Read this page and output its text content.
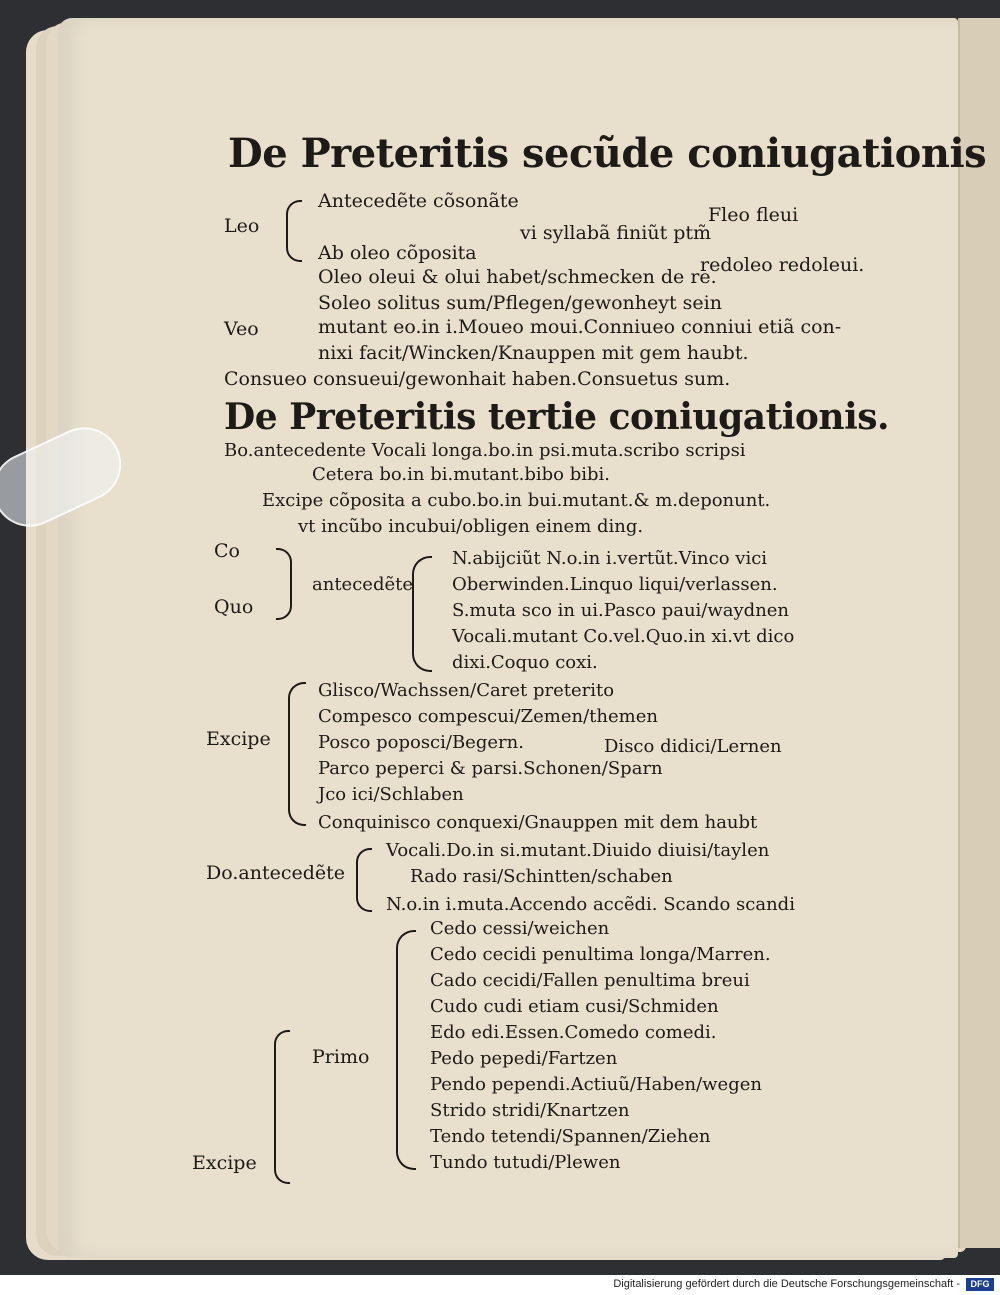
De Preteritis secũde coniugationis
Leo
Antecedẽte cõsonãte
Fleo fleui
vi syllabã finiũt ptm̃
Ab oleo cõposita
redoleo redoleui.
Oleo oleui & olui habet/schmecken de re.
Soleo solitus sum/Pflegen/gewonheyt sein
Veo	mutant eo.in i.Moueo moui.Conniueo conniui etiã con-
nixi facit/Wincken/Knauppen mit gem haubt.
Consueo consueui/gewonhait haben.Consuetus sum.
De Preteritis tertie coniugationis.
Bo.antecedente Vocali longa.bo.in psi.muta.scribo scripsi
Cetera bo.in bi.mutant.bibo bibi.
Excipe cõposita a cubo.bo.in bui.mutant.& m.deponunt.
vt incũbo incubui/obligen einem ding.
Co
Quo
antecedẽte
N.abijciũt N.o.in i.vertũt.Vinco vici
Oberwinden.Linquo liqui/verlassen.
S.muta sco in ui.Pasco paui/waydnen
Vocali.mutant Co.vel.Quo.in xi.vt dico
dixi.Coquo coxi.
Excipe
Glisco/Wachssen/Caret preterito
Compesco compescui/Zemen/themen
Posco poposci/Begern.	Disco didici/Lernen
Parco peperci & parsi.Schonen/Sparn
Jco ici/Schlaben
Conquinisco conquexi/Gnauppen mit dem haubt
Do.antecedẽte
Vocali.Do.in si.mutant.Diuido diuisi/taylen
Rado rasi/Schintten/schaben
N.o.in i.muta.Accendo accẽdi. Scando scandi
Primo
Excipe
Cedo cessi/weichen
Cedo cecidi penultima longa/Marren.
Cado cecidi/Fallen penultima breui
Cudo cudi etiam cusi/Schmiden
Edo edi.Essen.Comedo comedi.
Pedo pepedi/Fartzen
Pendo pependi.Actiuũ/Haben/wegen
Strido stridi/Knartzen
Tendo tetendi/Spannen/Ziehen
Tundo tutudi/Plewen
Digitalisierung gefördert durch die Deutsche Forschungsgemeinschaft -	DFG
